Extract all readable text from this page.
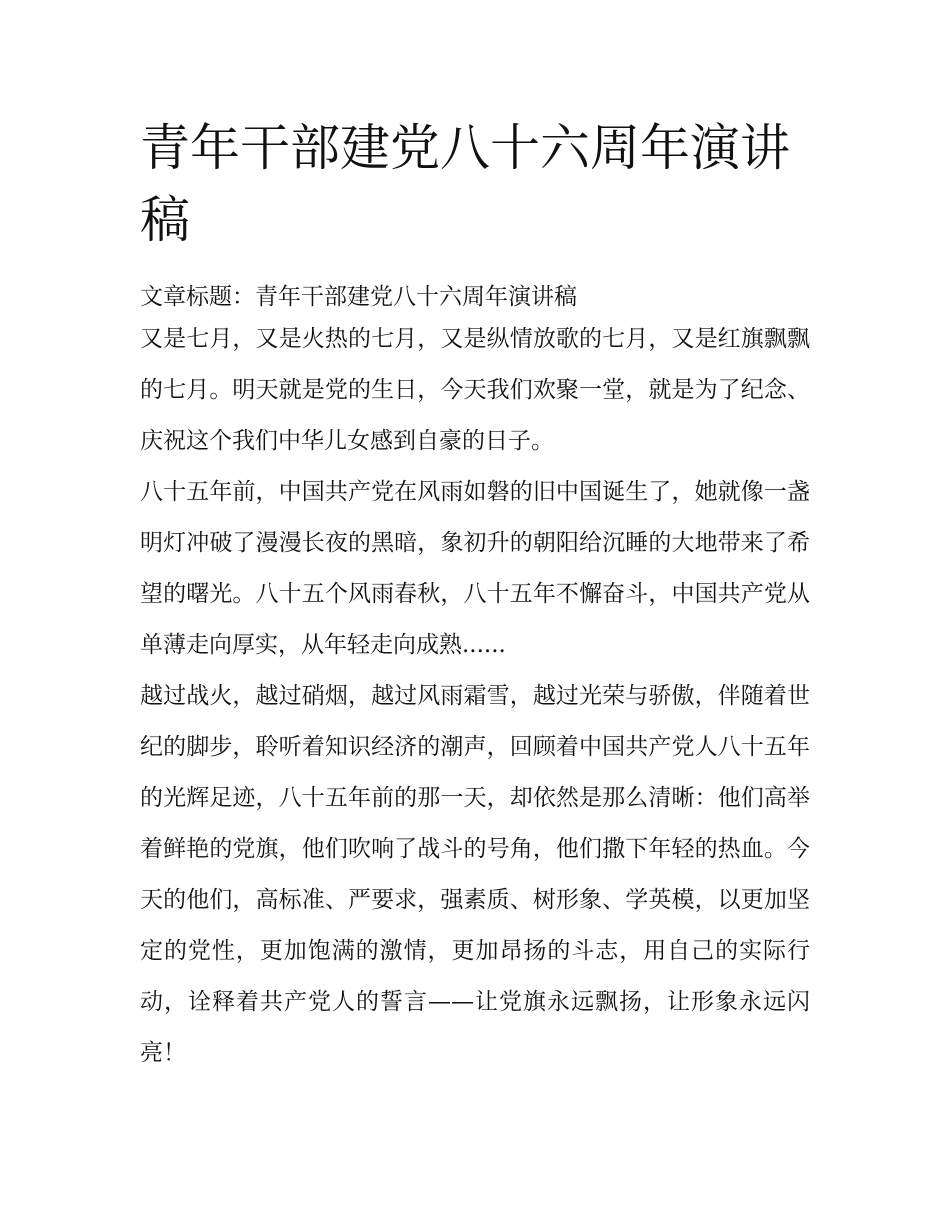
青年干部建党八十六周年演讲稿

文章标题：青年干部建党八十六周年演讲稿

又是七月，又是火热的七月，又是纵情放歌的七月，又是红旗飘飘的七月。明天就是党的生日，今天我们欢聚一堂，就是为了纪念、庆祝这个我们中华儿女感到自豪的日子。

八十五年前，中国共产党在风雨如磐的旧中国诞生了，她就像一盏明灯冲破了漫漫长夜的黑暗，象初升的朝阳给沉睡的大地带来了希望的曙光。八十五个风雨春秋，八十五年不懈奋斗，中国共产党从单薄走向厚实，从年轻走向成熟......

越过战火，越过硝烟，越过风雨霜雪，越过光荣与骄傲，伴随着世纪的脚步，聆听着知识经济的潮声，回顾着中国共产党人八十五年的光辉足迹，八十五年前的那一天，却依然是那么清晰：他们高举着鲜艳的党旗，他们吹响了战斗的号角，他们撒下年轻的热血。今天的他们，高标准、严要求，强素质、树形象、学英模，以更加坚定的党性，更加饱满的激情，更加昂扬的斗志，用自己的实际行动，诠释着共产党人的誓言——让党旗永远飘扬，让形象永远闪亮！
